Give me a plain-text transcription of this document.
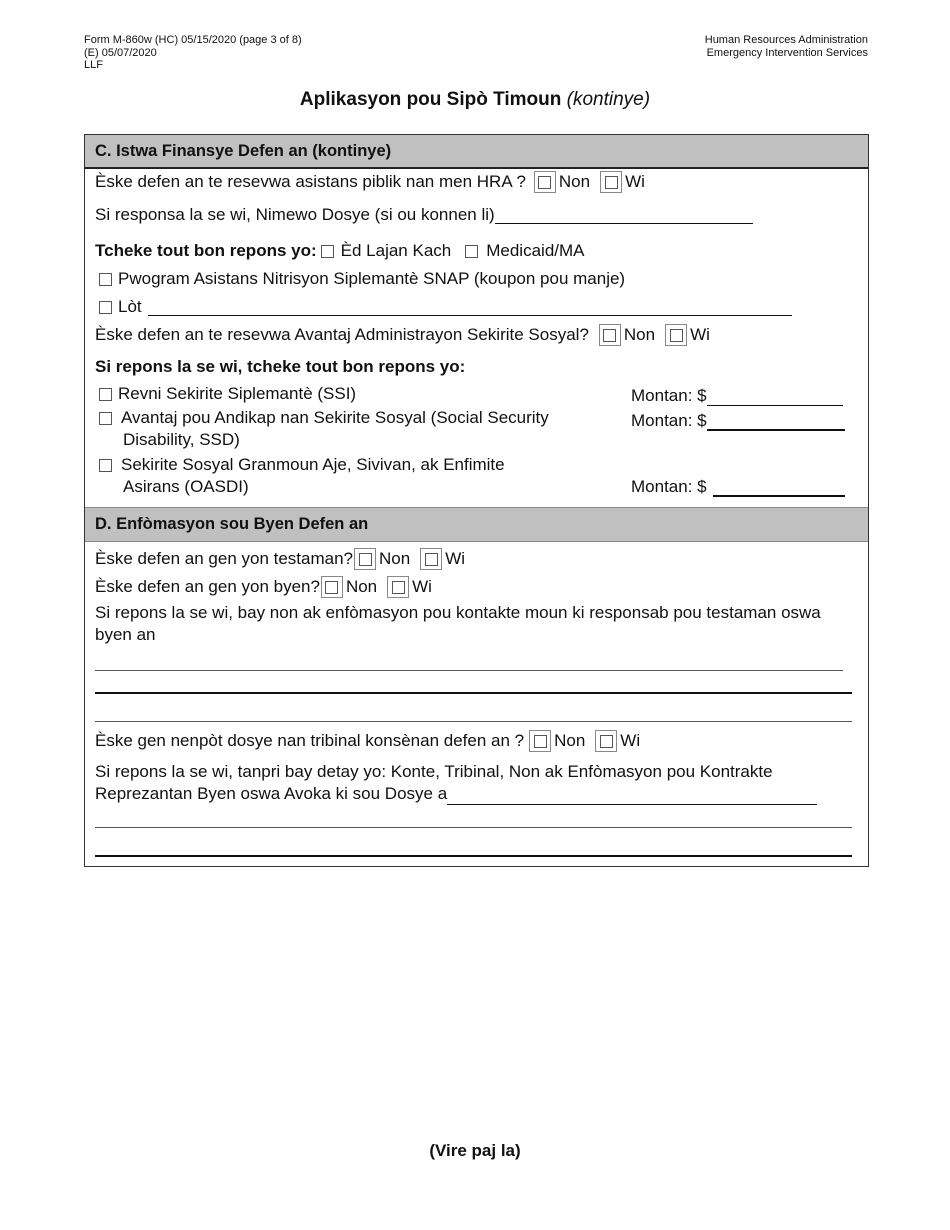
Form M-860w (HC) 05/15/2020 (page 3 of 8)
(E) 05/07/2020
LLF
Human Resources Administration
Emergency Intervention Services
Aplikasyon pou Sipò Timoun (kontinye)
C. Istwa Finansye Defen an (kontinye)
Èske defen an te resevwa asistans piblik nan men HRA ? Non Wi
Si responsa la se wi, Nimewo Dosye (si ou konnen li)
Tcheke tout bon repons yo: Èd Lajan Kach Medicaid/MA
Pwogram Asistans Nitrisyon Siplemantè SNAP (koupon pou manje)
Lòt
Èske defen an te resevwa Avantaj Administrayon Sekirite Sosyal? Non Wi
Si repons la se wi, tcheke tout bon repons yo:
Revni Sekirite Siplemantè (SSI)	Montan: $
Avantaj pou Andikap nan Sekirite Sosyal (Social Security
Disability, SSD)
Montan: $
Sekirite Sosyal Granmoun Aje, Sivivan, ak Enfimite
Asirans (OASDI)	Montan: $
D. Enfòmasyon sou Byen Defen an
Èske defen an gen yon testaman? Non Wi
Èske defen an gen yon byen? Non Wi
Si repons la se wi, bay non ak enfòmasyon pou kontakte moun ki responsab pou testaman oswa byen an
Èske gen nenpòt dosye nan tribinal konsènan defen an ? Non Wi
Si repons la se wi, tanpri bay detay yo: Konte, Tribinal, Non ak Enfòmasyon pou Kontrakte
Reprezantan Byen oswa Avoka ki sou Dosye a
(Vire paj la)
